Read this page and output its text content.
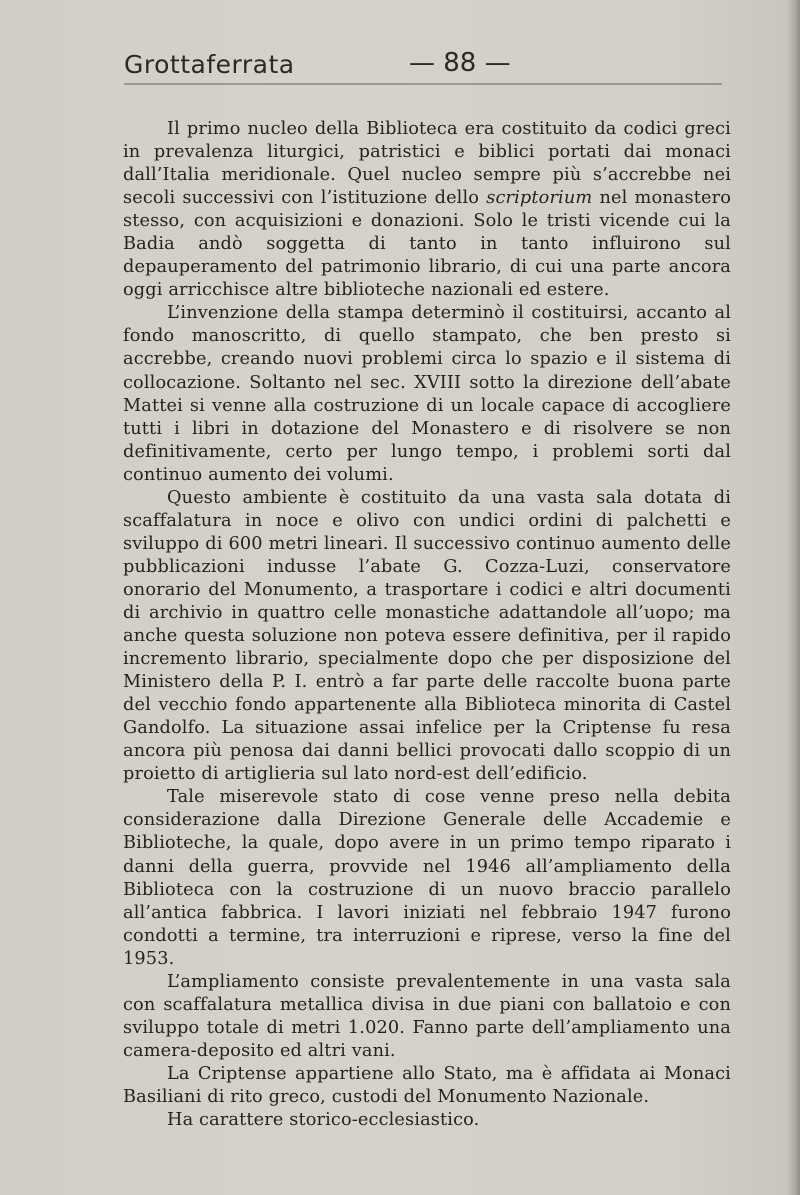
Grottaferrata	— 88 —

Il primo nucleo della Biblioteca era costituito da codici greci in prevalenza liturgici, patristici e biblici portati dai monaci dall’Italia meridionale. Quel nucleo sempre più s’accrebbe nei secoli successivi con l’istituzione dello scriptorium nel monastero stesso, con acquisizioni e donazioni. Solo le tristi vicende cui la Badia andò soggetta di tanto in tanto influirono sul depauperamento del patrimonio librario, di cui una parte ancora oggi arricchisce altre biblioteche nazionali ed estere.

L’invenzione della stampa determinò il costituirsi, accanto al fondo manoscritto, di quello stampato, che ben presto si accrebbe, creando nuovi problemi circa lo spazio e il sistema di collocazione. Soltanto nel sec. XVIII sotto la direzione dell’abate Mattei si venne alla costruzione di un locale capace di accogliere tutti i libri in dotazione del Monastero e di risolvere se non definitivamente, certo per lungo tempo, i problemi sorti dal continuo aumento dei volumi.

Questo ambiente è costituito da una vasta sala dotata di scaffalatura in noce e olivo con undici ordini di palchetti e sviluppo di 600 metri lineari. Il successivo continuo aumento delle pubblicazioni indusse l’abate G. Cozza-Luzi, conservatore onorario del Monumento, a trasportare i codici e altri documenti di archivio in quattro celle monastiche adattandole all’uopo; ma anche questa soluzione non poteva essere definitiva, per il rapido incremento librario, specialmente dopo che per disposizione del Ministero della P. I. entrò a far parte delle raccolte buona parte del vecchio fondo appartenente alla Biblioteca minorita di Castel Gandolfo. La situazione assai infelice per la Criptense fu resa ancora più penosa dai danni bellici provocati dallo scoppio di un proietto di artiglieria sul lato nord-est dell’edificio.

Tale miserevole stato di cose venne preso nella debita considerazione dalla Direzione Generale delle Accademie e Biblioteche, la quale, dopo avere in un primo tempo riparato i danni della guerra, provvide nel 1946 all’ampliamento della Biblioteca con la costruzione di un nuovo braccio parallelo all’antica fabbrica. I lavori iniziati nel febbraio 1947 furono condotti a termine, tra interruzioni e riprese, verso la fine del 1953.

L’ampliamento consiste prevalentemente in una vasta sala con scaffalatura metallica divisa in due piani con ballatoio e con sviluppo totale di metri 1.020. Fanno parte dell’ampliamento una camera-deposito ed altri vani.

La Criptense appartiene allo Stato, ma è affidata ai Monaci Basiliani di rito greco, custodi del Monumento Nazionale.

Ha carattere storico-ecclesiastico.
